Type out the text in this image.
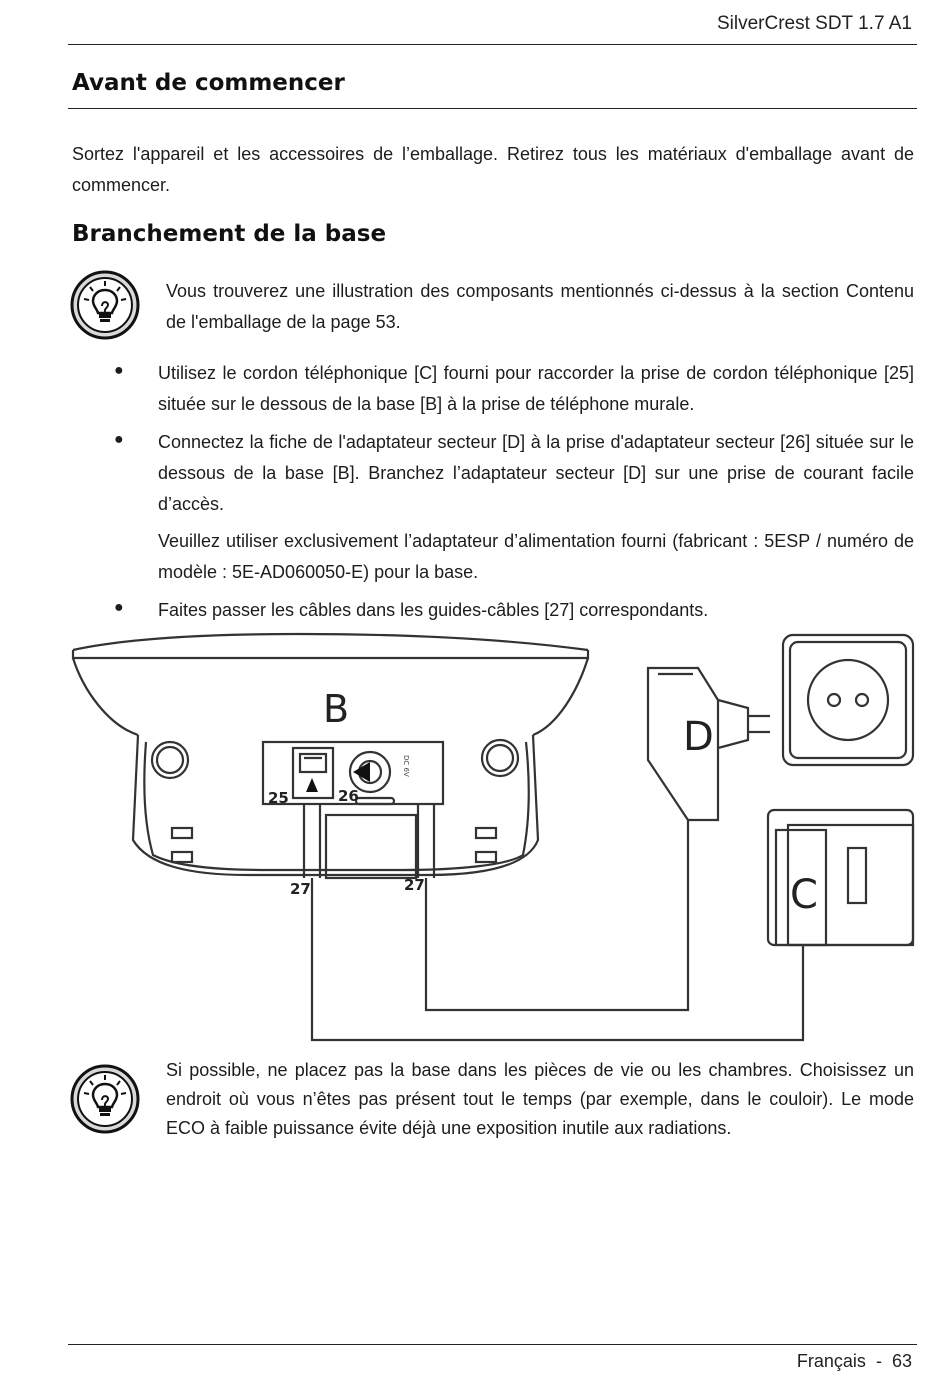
SilverCrest SDT 1.7 A1
Avant de commencer

Sortez l'appareil et les accessoires de l’emballage. Retirez tous les matériaux d'emballage avant de commencer.

Branchement de la base

Vous trouverez une illustration des composants mentionnés ci-dessus à la section Contenu de l'emballage de la page 53.

● Utilisez le cordon téléphonique [C] fourni pour raccorder la prise de cordon téléphonique [25] située sur le dessous de la base [B] à la prise de téléphone murale.

● Connectez la fiche de l'adaptateur secteur [D] à la prise d'adaptateur secteur [26] située sur le dessous de la base [B]. Branchez l’adaptateur secteur [D] sur une prise de courant facile d’accès.

Veuillez utiliser exclusivement l’adaptateur d’alimentation fourni (fabricant : 5ESP / numéro de modèle : 5E-AD060050-E) pour la base.

● Faites passer les câbles dans les guides-câbles [27] correspondants.

B
D
C
25	26
27	27
DC 6V

Si possible, ne placez pas la base dans les pièces de vie ou les chambres. Choisissez un endroit où vous n’êtes pas présent tout le temps (par exemple, dans le couloir). Le mode ECO à faible puissance évite déjà une exposition inutile aux radiations.

Français - 63
